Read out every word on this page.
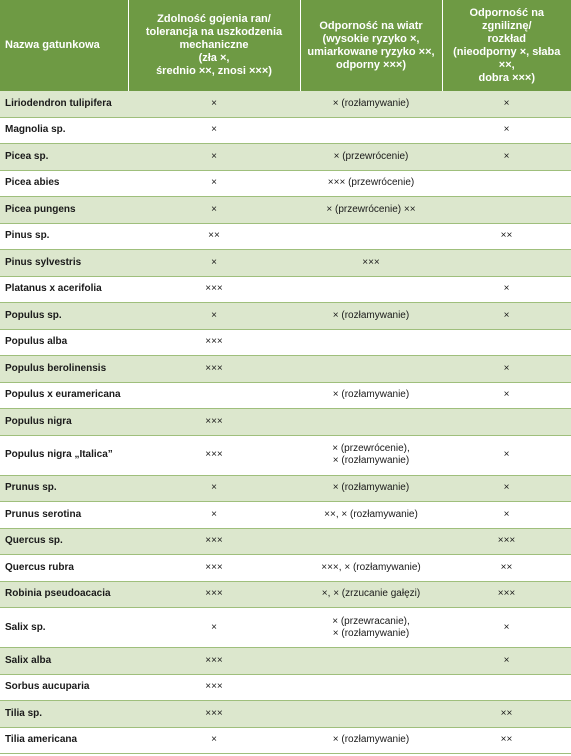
Nazwa gatunkowa	Zdolność gojenia ran/
tolerancja na uszkodzenia
mechaniczne
(zła ×,
średnio ××, znosi ×××)	Odporność na wiatr
(wysokie ryzyko ×,
umiarkowane ryzyko ××,
odporny ×××)	Odporność na zgniliznę/
rozkład
(nieodporny ×, słaba ××,
dobra ×××)
Liriodendron tulipifera	×	× (rozłamywanie)	×
Magnolia sp.	×		×
Picea sp.	×	× (przewrócenie)	×
Picea abies	×	××× (przewrócenie)	
Picea pungens	×	× (przewrócenie) ××	
Pinus sp.	××		××
Pinus sylvestris	×	×××	
Platanus x acerifolia	×××		×
Populus sp.	×	× (rozłamywanie)	×
Populus alba	×××		
Populus berolinensis	×××		×
Populus x euramericana		× (rozłamywanie)	×
Populus nigra	×××		
Populus nigra „Italica”	×××	× (przewrócenie),
× (rozłamywanie)	×
Prunus sp.	×	× (rozłamywanie)	×
Prunus serotina	×	××, × (rozłamywanie)	×
Quercus sp.	×××		×××
Quercus rubra	×××	×××, × (rozłamywanie)	××
Robinia pseudoacacia	×××	×, × (zrzucanie gałęzi)	×××
Salix sp.	×	× (przewracanie),
× (rozłamywanie)	×
Salix alba	×××		×
Sorbus aucuparia	×××		
Tilia sp.	×××		××
Tilia americana	×	× (rozłamywanie)	××
